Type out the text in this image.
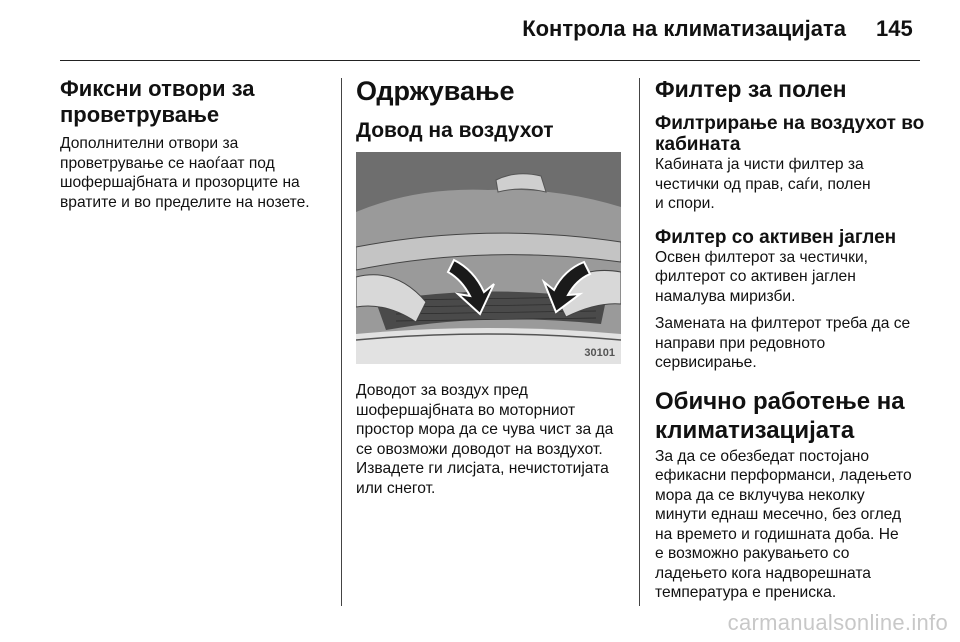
Контрола на климатизацијата 145
Фиксни отвори за
проветрување

Дополнителни отвори за
проветрување се наоѓаат под
шофершајбната и прозорците на
вратите и во пределите на нозете.

Одржување
Довод на воздухот
30101

Доводот за воздух пред
шофершајбната во моторниот
простор мора да се чува чист за да
се овозможи доводот на воздухот.
Извадете ги лисјата, нечистотијата
или снегот.

Филтер за полен
Филтрирање на воздухот во
кабината

Кабината ја чисти филтер за
честички од прав, саѓи, полен
и спори.

Филтер со активен јаглен

Освен филтерот за честички,
филтерот со активен јаглен
намалува миризби.

Замената на филтерот треба да се
направи при редовното
сервисирање.

Обично работење на
климатизацијата

За да се обезбедат постојано
ефикасни перформанси, ладењето
мора да се вклучува неколку
минути еднаш месечно, без оглед
на времето и годишната доба. Не
е возможно ракувањето со
ладењето кога надворешната
температура е прениска.

carmanualsonline.info
